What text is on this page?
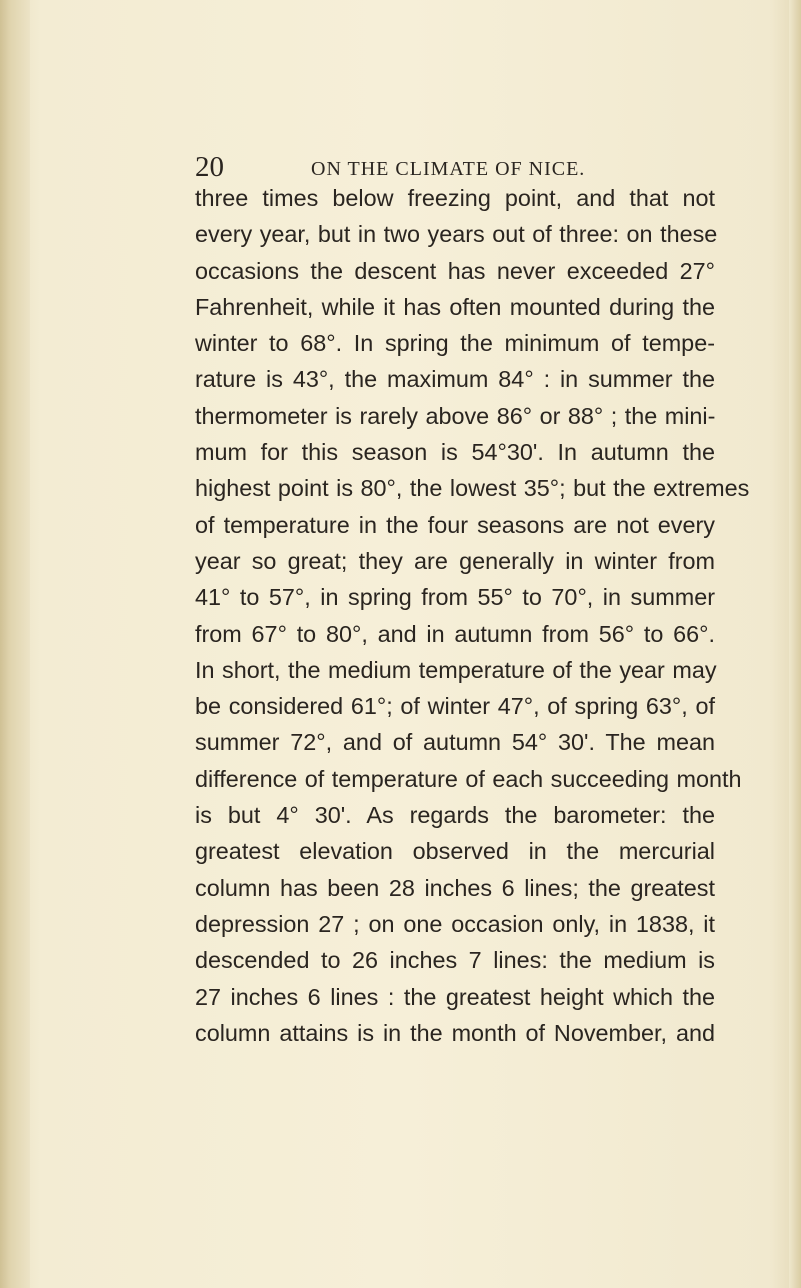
20	ON THE CLIMATE OF NICE.
three times below freezing point, and that not
every year, but in two years out of three: on these
occasions the descent has never exceeded 27°
Fahrenheit, while it has often mounted during the
winter to 68°. In spring the minimum of tempe-
rature is 43°, the maximum 84° : in summer the
thermometer is rarely above 86° or 88° ; the mini-
mum for this season is 54°30'. In autumn the
highest point is 80°, the lowest 35°; but the extremes
of temperature in the four seasons are not every
year so great; they are generally in winter from
41° to 57°, in spring from 55° to 70°, in summer
from 67° to 80°, and in autumn from 56° to 66°.
In short, the medium temperature of the year may
be considered 61°; of winter 47°, of spring 63°, of
summer 72°, and of autumn 54° 30'. The mean
difference of temperature of each succeeding month
is but 4° 30'. As regards the barometer: the
greatest elevation observed in the mercurial
column has been 28 inches 6 lines; the greatest
depression 27 ; on one occasion only, in 1838, it
descended to 26 inches 7 lines: the medium is
27 inches 6 lines : the greatest height which the
column attains is in the month of November, and
